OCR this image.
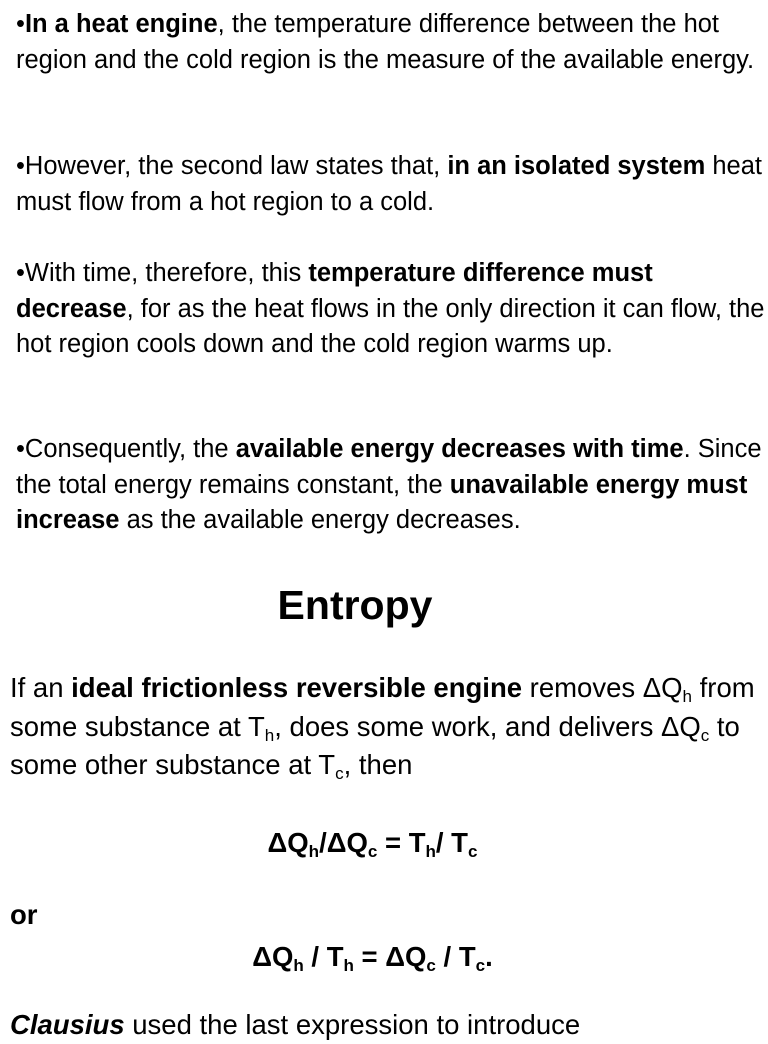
•In a heat engine, the temperature difference between the hot region and the cold region is the measure of the available energy.

•However, the second law states that, in an isolated system heat must flow from a hot region to a cold.

•With time, therefore, this temperature difference must decrease, for as the heat flows in the only direction it can flow, the hot region cools down and the cold region warms up.

•Consequently, the available energy decreases with time. Since the total energy remains constant, the unavailable energy must increase as the available energy decreases.

Entropy

If an ideal frictionless reversible engine removes $\Delta Q_h$ from some substance at $T_h$, does some work, and delivers $\Delta Q_c$ to some other substance at $T_c$, then

$\Delta Q_h/\Delta Q_c = T_h/$ $T_c$
or
$\Delta Q_h / T_h = \Delta Q_c / T_c$.
Clausius used the last expression to introduce
